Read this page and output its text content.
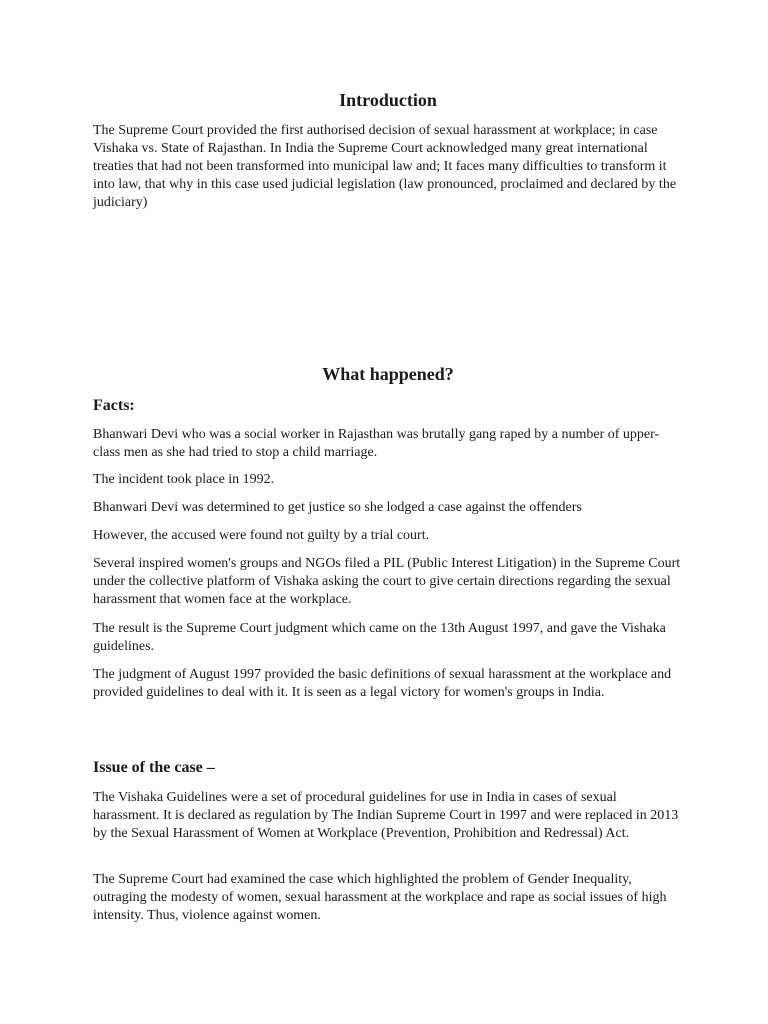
Introduction

The Supreme Court provided the first authorised decision of sexual harassment at workplace; in case Vishaka vs. State of Rajasthan. In India the Supreme Court acknowledged many great international treaties that had not been transformed into municipal law and; It faces many difficulties to transform it into law, that why in this case used judicial legislation (law pronounced, proclaimed and declared by the judiciary)

What happened?
Facts:

Bhanwari Devi who was a social worker in Rajasthan was brutally gang raped by a number of upper-class men as she had tried to stop a child marriage.

The incident took place in 1992.

Bhanwari Devi was determined to get justice so she lodged a case against the offenders

However, the accused were found not guilty by a trial court.

Several inspired women's groups and NGOs filed a PIL (Public Interest Litigation) in the Supreme Court under the collective platform of Vishaka asking the court to give certain directions regarding the sexual harassment that women face at the workplace.

The result is the Supreme Court judgment which came on the 13th August 1997, and gave the Vishaka guidelines.

The judgment of August 1997 provided the basic definitions of sexual harassment at the workplace and provided guidelines to deal with it. It is seen as a legal victory for women's groups in India.

Issue of the case –

The Vishaka Guidelines were a set of procedural guidelines for use in India in cases of sexual harassment. It is declared as regulation by The Indian Supreme Court in 1997 and were replaced in 2013 by the Sexual Harassment of Women at Workplace (Prevention, Prohibition and Redressal) Act.

The Supreme Court had examined the case which highlighted the problem of Gender Inequality, outraging the modesty of women, sexual harassment at the workplace and rape as social issues of high intensity. Thus, violence against women.
